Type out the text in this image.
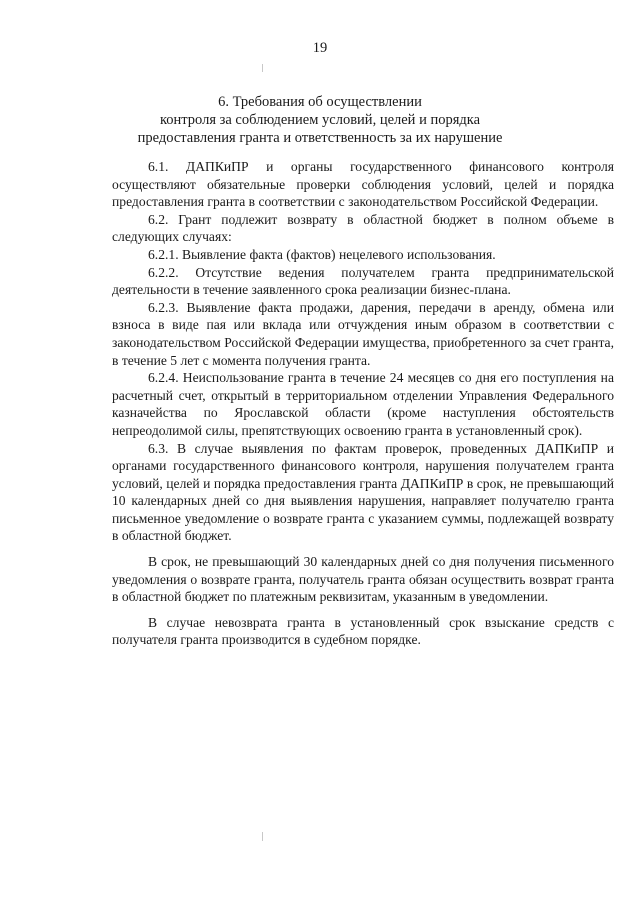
19
6. Требования об осуществлении
контроля за соблюдением условий, целей и порядка
предоставления гранта и ответственность за их нарушение

6.1. ДАПКиПР и органы государственного финансового контроля осуществляют обязательные проверки соблюдения условий, целей и порядка предоставления гранта в соответствии с законодательством Российской Федерации.

6.2. Грант подлежит возврату в областной бюджет в полном объеме в следующих случаях:

6.2.1. Выявление факта (фактов) нецелевого использования.

6.2.2. Отсутствие ведения получателем гранта предпринимательской деятельности в течение заявленного срока реализации бизнес-плана.

6.2.3. Выявление факта продажи, дарения, передачи в аренду, обмена или взноса в виде пая или вклада или отчуждения иным образом в соответствии с законодательством Российской Федерации имущества, приобретенного за счет гранта, в течение 5 лет с момента получения гранта.

6.2.4. Неиспользование гранта в течение 24 месяцев со дня его поступления на расчетный счет, открытый в территориальном отделении Управления Федерального казначейства по Ярославской области (кроме наступления обстоятельств непреодолимой силы, препятствующих освоению гранта в установленный срок).

6.3. В случае выявления по фактам проверок, проведенных ДАПКиПР и органами государственного финансового контроля, нарушения получателем гранта условий, целей и порядка предоставления гранта ДАПКиПР в срок, не превышающий 10 календарных дней со дня выявления нарушения, направляет получателю гранта письменное уведомление о возврате гранта с указанием суммы, подлежащей возврату в областной бюджет.

В срок, не превышающий 30 календарных дней со дня получения письменного уведомления о возврате гранта, получатель гранта обязан осуществить возврат гранта в областной бюджет по платежным реквизитам, указанным в уведомлении.

В случае невозврата гранта в установленный срок взыскание средств с получателя гранта производится в судебном порядке.
